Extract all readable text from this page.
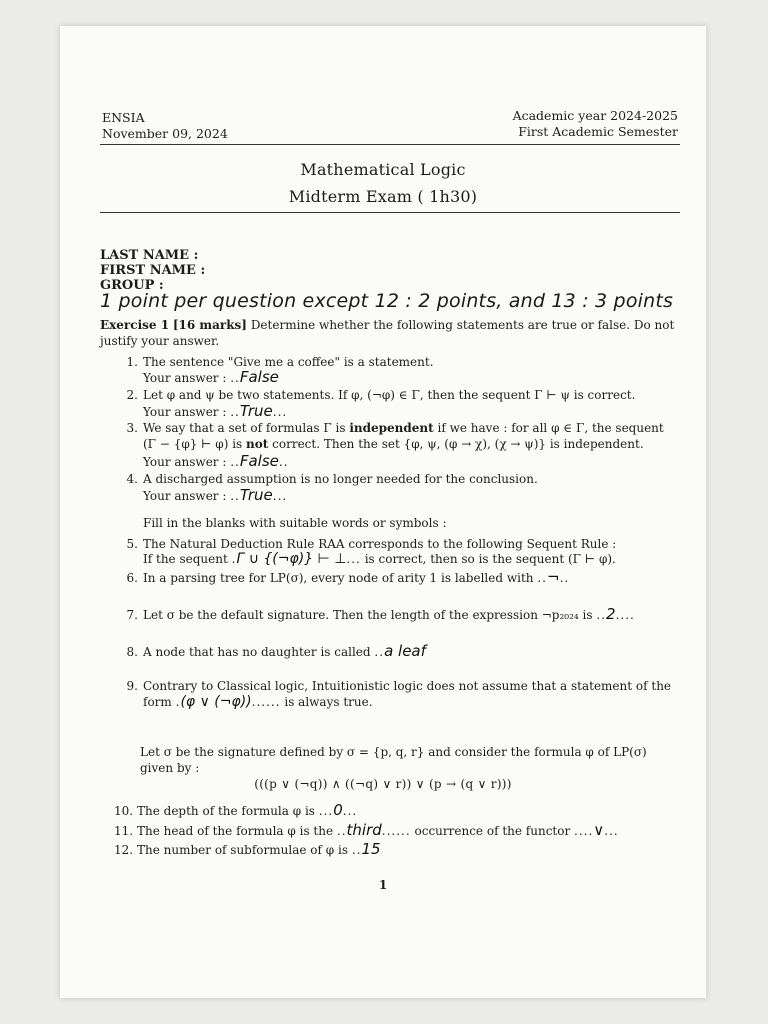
ENSIA
November 09, 2024
Academic year 2024-2025
First Academic Semester
Mathematical Logic
Midterm Exam ( 1h30)
LAST NAME :
FIRST NAME :
GROUP :
1 point per question except 12 : 2 points, and 13 : 3 points
Exercise 1 [16 marks] Determine whether the following statements are true or false. Do not
justify your answer.
1. The sentence "Give me a coffee" is a statement.
Your answer : ..False
2. Let φ and ψ be two statements. If φ, (¬φ) ∈ Γ, then the sequent Γ ⊢ ψ is correct.
Your answer : ..True...
3. We say that a set of formulas Γ is independent if we have : for all φ ∈ Γ, the sequent
(Γ − {φ} ⊢ φ) is not correct. Then the set {φ, ψ, (φ → χ), (χ → ψ)} is independent.
Your answer : ..False..
4. A discharged assumption is no longer needed for the conclusion.
Your answer : ..True...
Fill in the blanks with suitable words or symbols :
5. The Natural Deduction Rule RAA corresponds to the following Sequent Rule :
If the sequent .Γ ∪ {(¬φ)} ⊢ ⊥... is correct, then so is the sequent (Γ ⊢ φ).
6. In a parsing tree for LP(σ), every node of arity 1 is labelled with ..¬..
7. Let σ be the default signature. Then the length of the expression ¬p₂₀₂₄ is ..2....
8. A node that has no daughter is called ..a leaf
9. Contrary to Classical logic, Intuitionistic logic does not assume that a statement of the
form .(φ ∨ (¬φ))...... is always true.
Let σ be the signature defined by σ = {p, q, r} and consider the formula φ of LP(σ)
given by :
(((p ∨ (¬q)) ∧ ((¬q) ∨ r)) ∨ (p → (q ∨ r)))
10. The depth of the formula φ is ...0...
11. The head of the formula φ is the ..third...... occurrence of the functor ....∨...
12. The number of subformulae of φ is ..15
1
